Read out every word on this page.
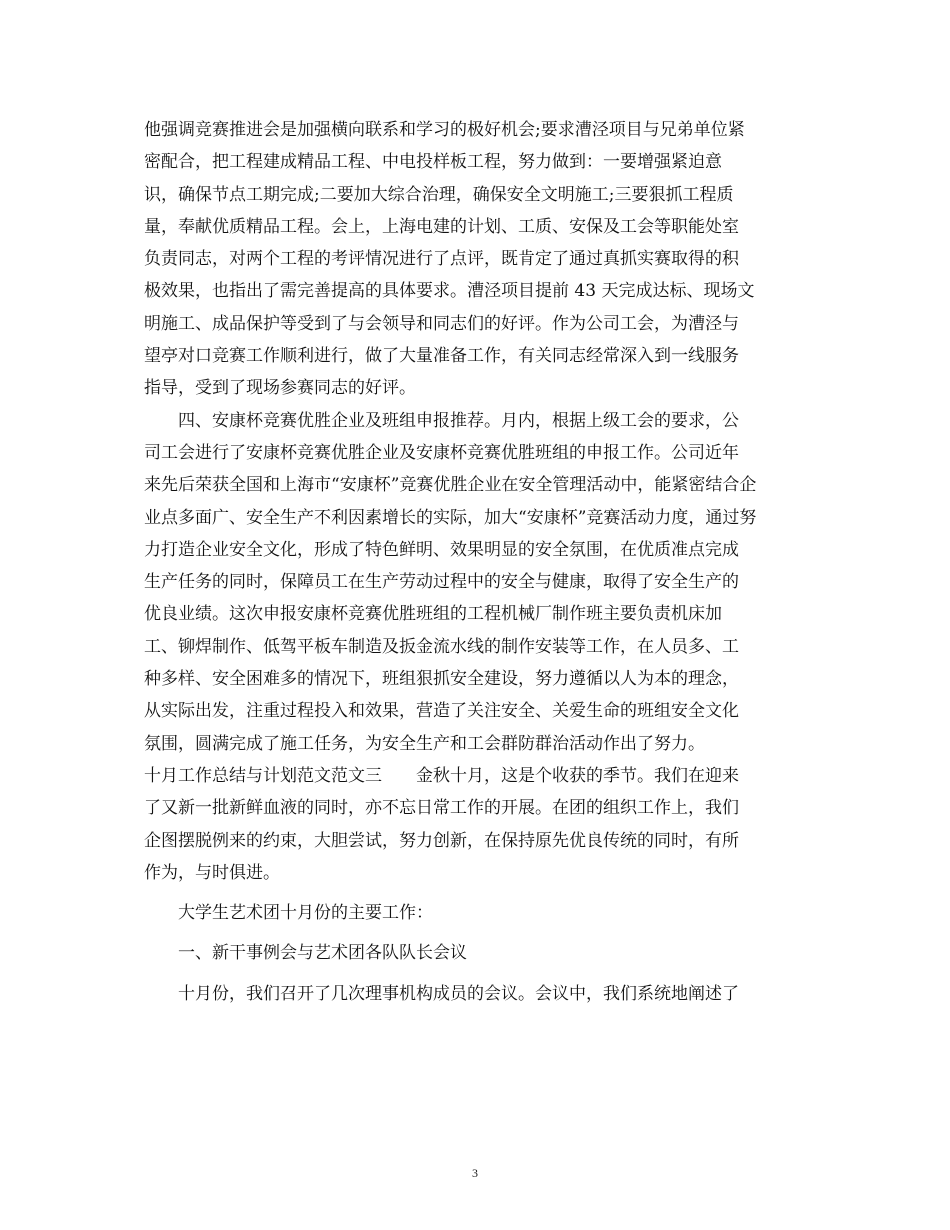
他强调竞赛推进会是加强横向联系和学习的极好机会;要求漕泾项目与兄弟单位紧
密配合，把工程建成精品工程、中电投样板工程，努力做到：一要增强紧迫意
识，确保节点工期完成;二要加大综合治理，确保安全文明施工;三要狠抓工程质
量，奉献优质精品工程。会上，上海电建的计划、工质、安保及工会等职能处室
负责同志，对两个工程的考评情况进行了点评，既肯定了通过真抓实赛取得的积
极效果，也指出了需完善提高的具体要求。漕泾项目提前 43 天完成达标、现场文
明施工、成品保护等受到了与会领导和同志们的好评。作为公司工会，为漕泾与
望亭对口竞赛工作顺利进行，做了大量准备工作，有关同志经常深入到一线服务
指导，受到了现场参赛同志的好评。
四、安康杯竞赛优胜企业及班组申报推荐。月内，根据上级工会的要求，公
司工会进行了安康杯竞赛优胜企业及安康杯竞赛优胜班组的申报工作。公司近年
来先后荣获全国和上海市“安康杯”竞赛优胜企业在安全管理活动中，能紧密结合企
业点多面广、安全生产不利因素增长的实际，加大“安康杯”竞赛活动力度，通过努
力打造企业安全文化，形成了特色鲜明、效果明显的安全氛围，在优质准点完成
生产任务的同时，保障员工在生产劳动过程中的安全与健康，取得了安全生产的
优良业绩。这次申报安康杯竞赛优胜班组的工程机械厂制作班主要负责机床加
工、铆焊制作、低驾平板车制造及扳金流水线的制作安装等工作，在人员多、工
种多样、安全困难多的情况下，班组狠抓安全建设，努力遵循以人为本的理念，
从实际出发，注重过程投入和效果，营造了关注安全、关爱生命的班组安全文化
氛围，圆满完成了施工任务，为安全生产和工会群防群治活动作出了努力。
十月工作总结与计划范文范文三　　金秋十月，这是个收获的季节。我们在迎来
了又新一批新鲜血液的同时，亦不忘日常工作的开展。在团的组织工作上，我们
企图摆脱例来的约束，大胆尝试，努力创新，在保持原先优良传统的同时，有所
作为，与时俱进。
大学生艺术团十月份的主要工作：
一、新干事例会与艺术团各队队长会议
十月份，我们召开了几次理事机构成员的会议。会议中，我们系统地阐述了
3
